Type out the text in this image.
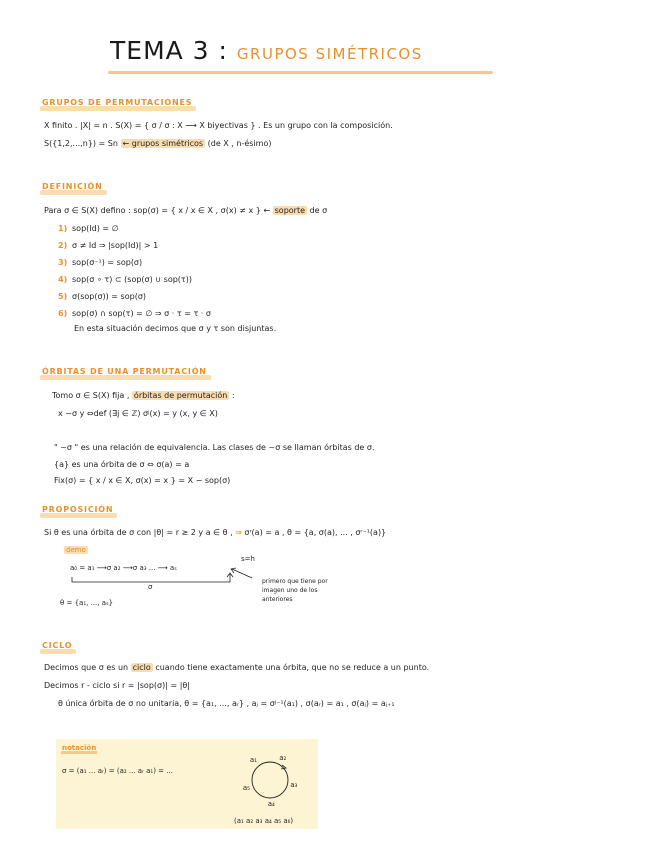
TEMA 3 : GRUPOS SIMÉTRICOS
GRUPOS DE PERMUTACIONES
X finito . |X| = n . S(X) = { σ / σ : X ⟶ X biyectivas } . Es un grupo con la composición.
S({1,2,...,n}) = Sn ← grupos simétricos (de X , n-ésimo)
DEFINICIÓN
Para σ ∈ S(X) defino : sop(σ) = { x / x ∈ X , σ(x) ≠ x } ← soporte de σ
1) sop(Id) = ∅
2) σ ≠ Id ⇒ |sop(Id)| > 1
3) sop(σ⁻¹) = sop(σ)
4) sop(σ ∘ τ) ⊂ (sop(σ) ∪ sop(τ))
5) σ(sop(σ)) = sop(σ)
6) sop(σ) ∩ sop(τ) = ∅ ⇒ σ · τ = τ · σ
En esta situación decimos que σ y τ son disjuntas.
ÓRBITAS DE UNA PERMUTACIÓN
Tomo σ ∈ S(X) fija , órbitas de permutación :
x ~σ y ⇔def (∃j ∈ ℤ) σʲ(x) = y (x, y ∈ X)
" ~σ " es una relación de equivalencia. Las clases de ~σ se llaman órbitas de σ.
{a} es una órbita de σ ⇔ σ(a) = a
Fix(σ) = { x / x ∈ X, σ(x) = x } = X − sop(σ)
PROPOSICIÓN
Si θ es una órbita de σ con |θ| = r ≥ 2 y a ∈ θ , ⇒ σʳ(a) = a , θ = {a, σ(a), ... , σʳ⁻¹(a)}
demo
a₀ = a₁ ⟶σ a₂ ⟶σ a₃ ... ⟶ aₛ
s=h
σ
primero que tiene por
imagen uno de los
anteriores
θ = {a₁, ..., aₛ}
CICLO
Decimos que σ es un ciclo cuando tiene exactamente una órbita, que no se reduce a un punto.
Decimos r - ciclo si r = |sop(σ)| = |θ|
θ única órbita de σ no unitaria, θ = {a₁, ..., aᵣ} , aⱼ = σʲ⁻¹(a₁) , σ(aᵣ) = a₁ , σ(aⱼ) = aⱼ₊₁
notación
σ = (a₁ ... aᵣ) = (a₂ ... aᵣ a₁) = ...
a₁	a₂
a₃
a₄
a₅
(a₁ a₂ a₃ a₄ a₅ a₆)
